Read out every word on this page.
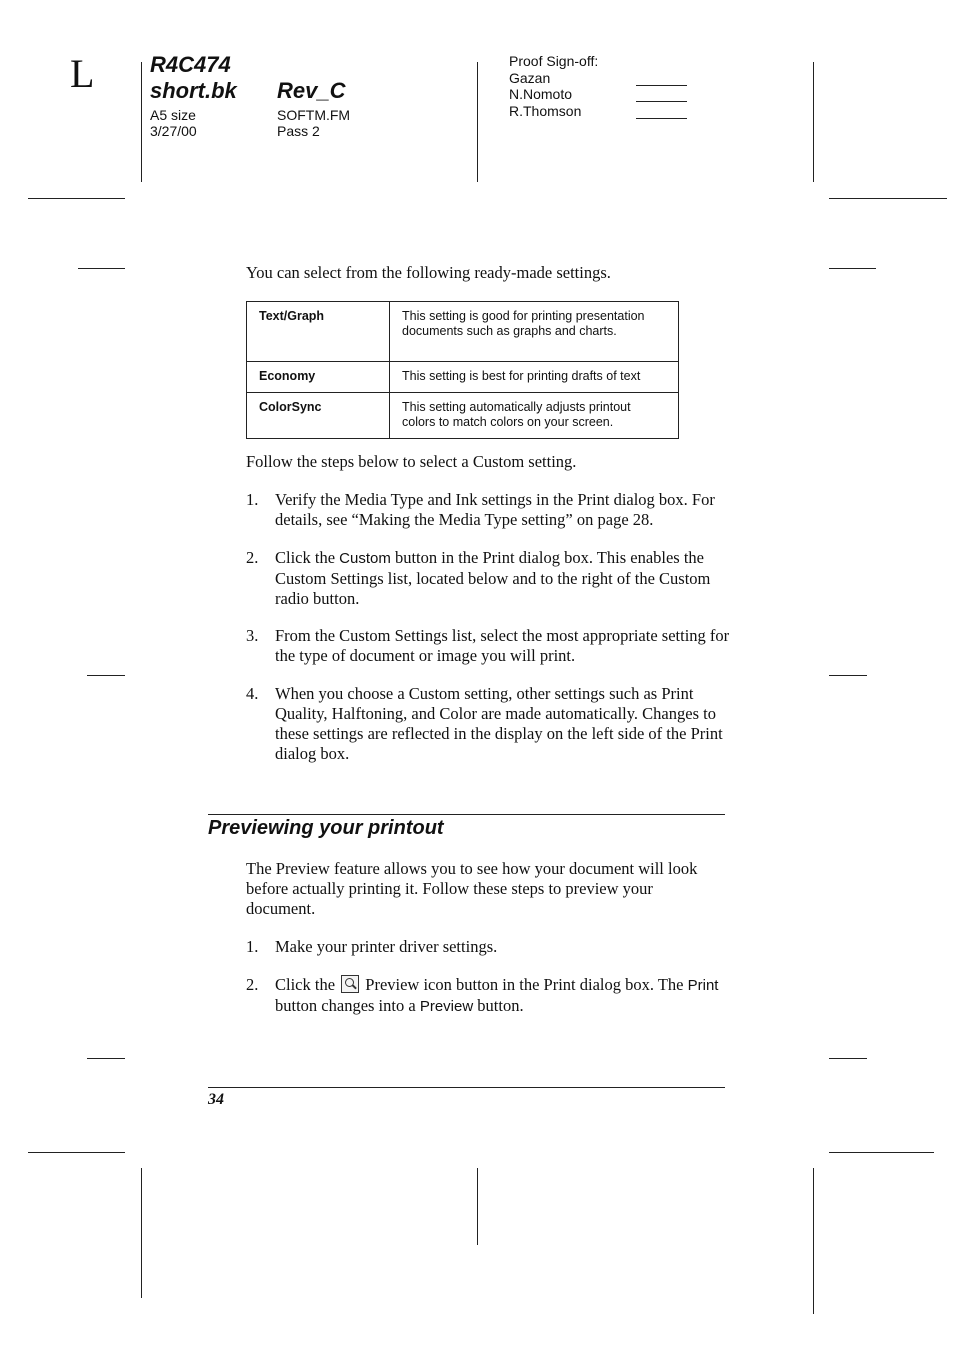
L	R4C474
short.bk Rev_C
A5 size
3/27/00
SOFTM.FM
Pass 2
Proof Sign-off:
Gazan
N.Nomoto
R.Thomson
You can select from the following ready-made settings.
Text/Graph	This setting is good for printing presentation documents such as graphs and charts.
Economy	This setting is best for printing drafts of text
ColorSync	This setting automatically adjusts printout colors to match colors on your screen.
Follow the steps below to select a Custom setting.
1. Verify the Media Type and Ink settings in the Print dialog box. For details, see “Making the Media Type setting” on page 28.
2. Click the Custom button in the Print dialog box. This enables the Custom Settings list, located below and to the right of the Custom radio button.
3. From the Custom Settings list, select the most appropriate setting for the type of document or image you will print.
4. When you choose a Custom setting, other settings such as Print Quality, Halftoning, and Color are made automatically. Changes to these settings are reflected in the display on the left side of the Print dialog box.
Previewing your printout
The Preview feature allows you to see how your document will look before actually printing it. Follow these steps to preview your document.
1. Make your printer driver settings.
2. Click the  Preview icon button in the Print dialog box. The Print button changes into a Preview button.
34
